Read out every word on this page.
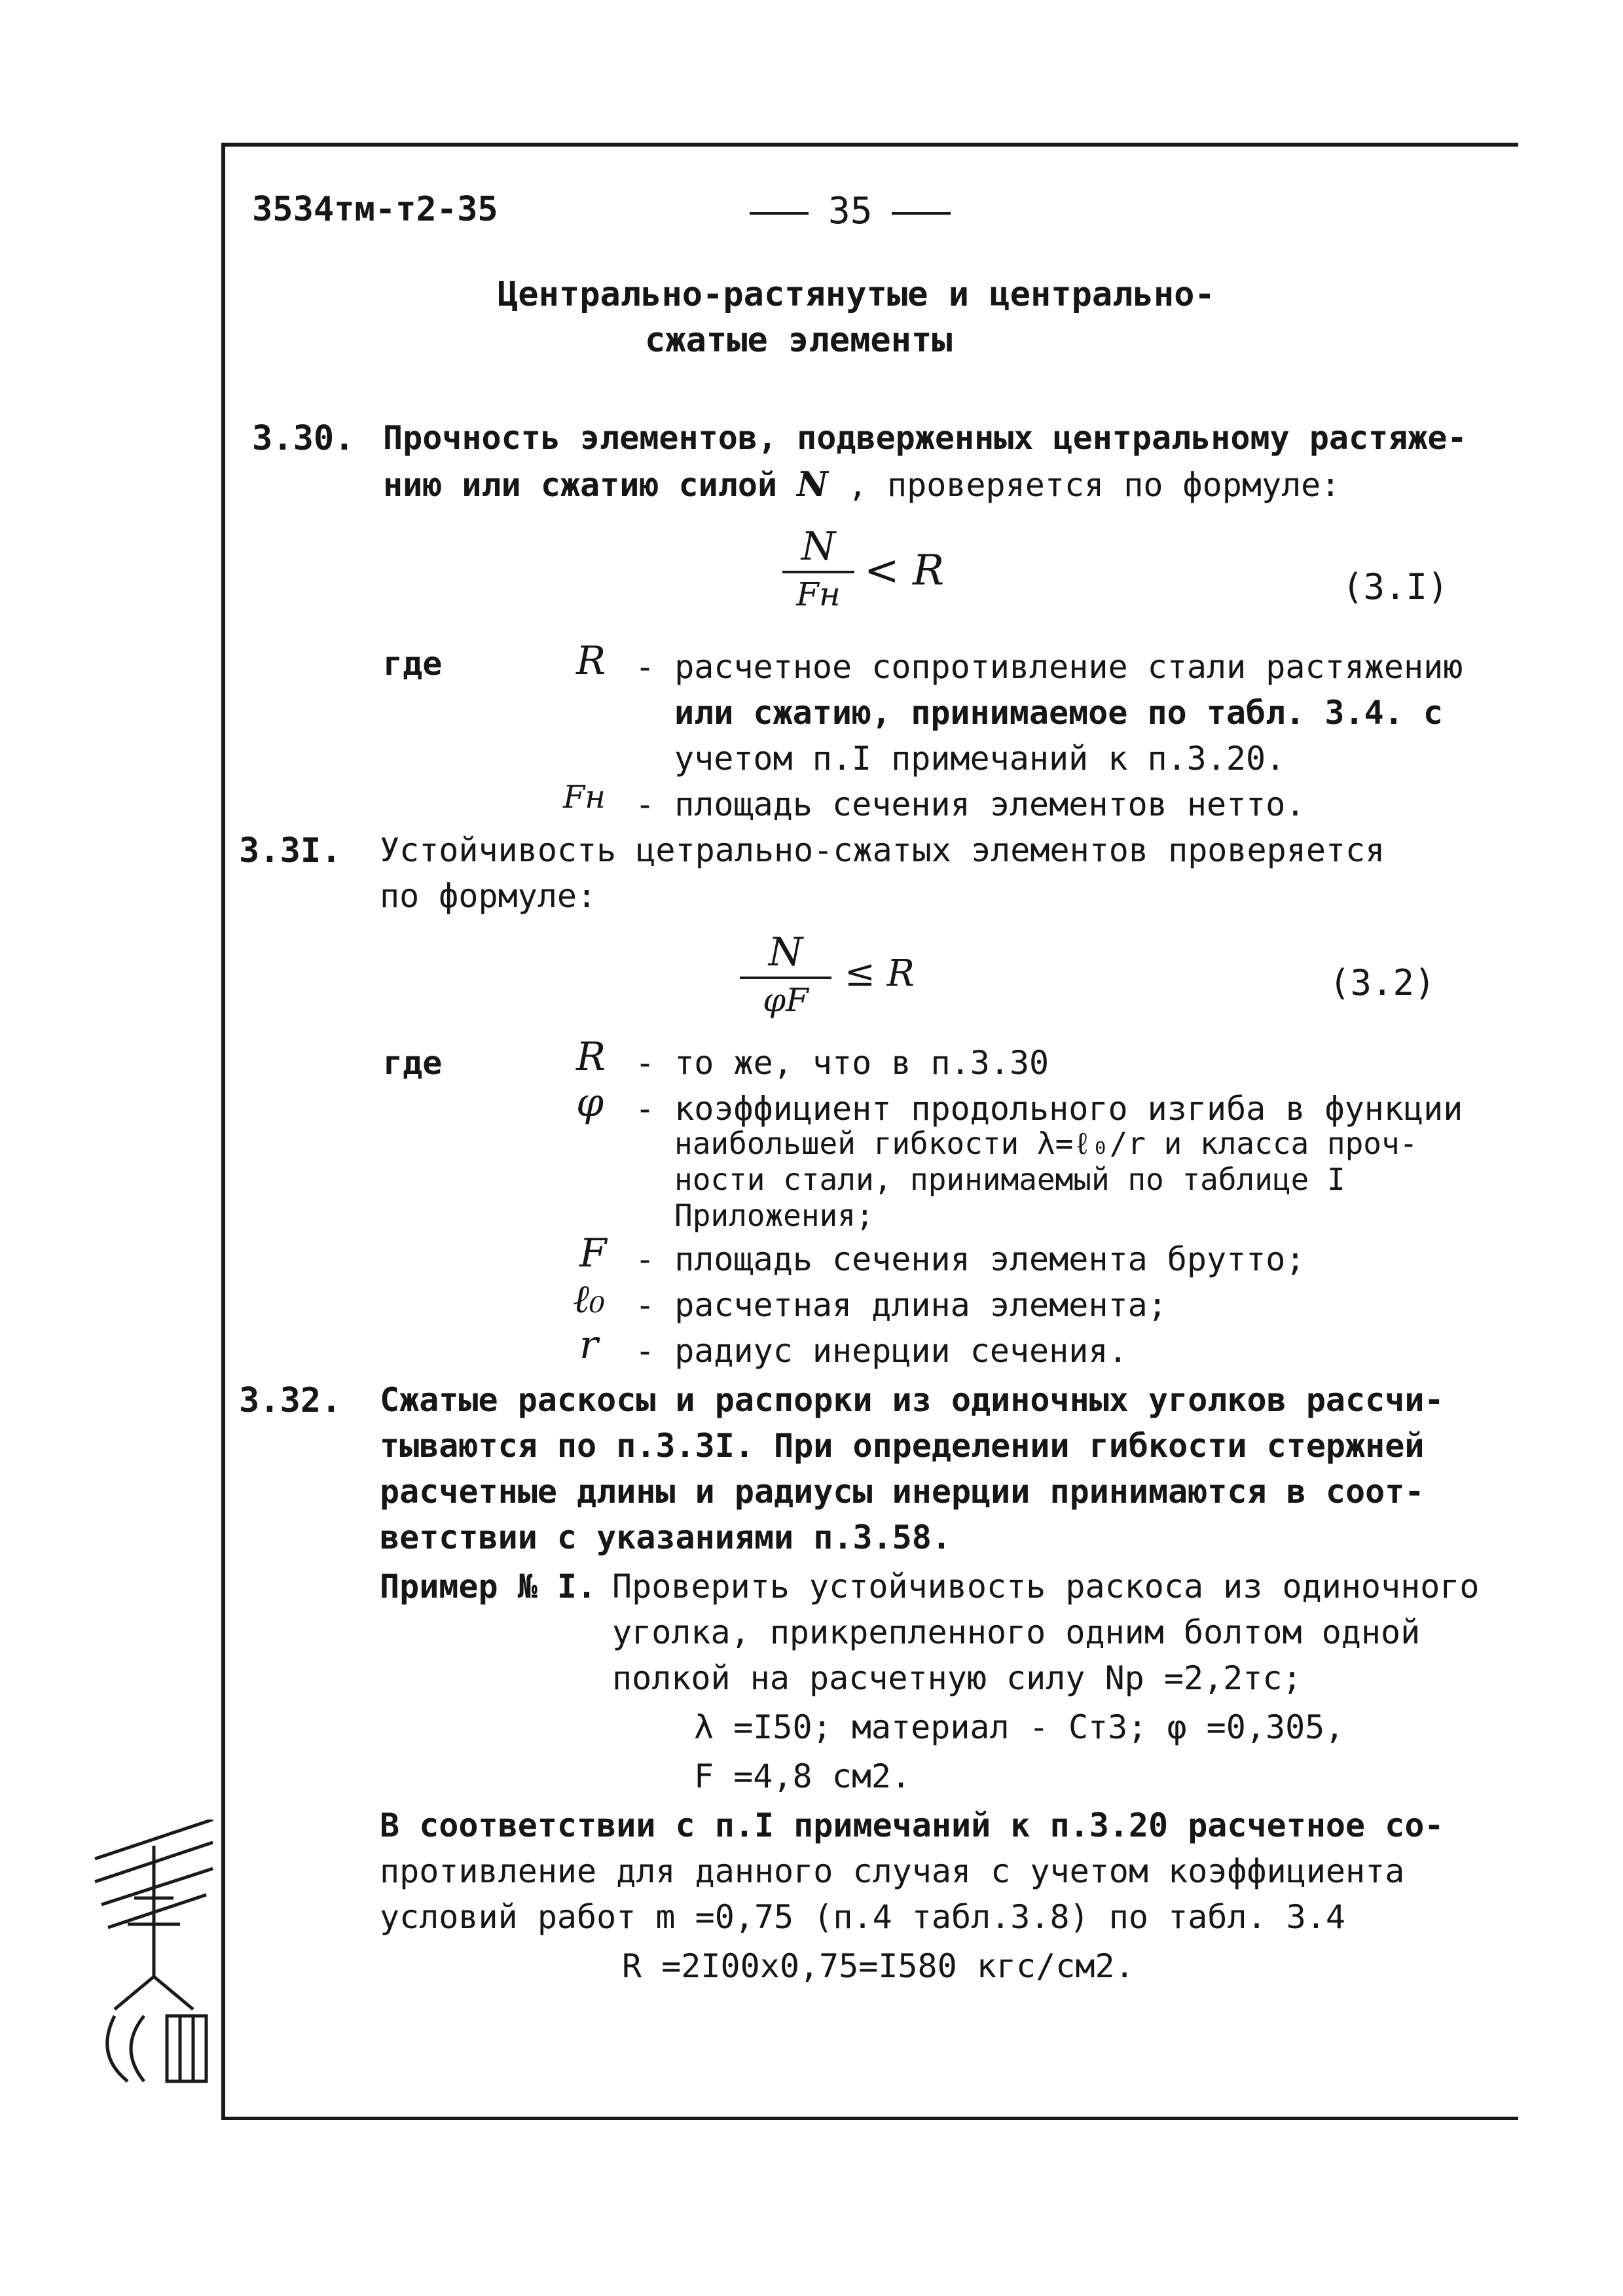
3534тм-т2-35	35
Центрально-растянутые и центрально-
сжатые элементы
3.30. Прочность элементов, подверженных центральному растяже-
нию или сжатию силой N , проверяется по формуле:
N
Fн < R	(3.I)
где	R - расчетное сопротивление стали растяжению
или сжатию, принимаемое по табл. 3.4. с
учетом п.I примечаний к п.3.20.
Fн - площадь сечения элементов нетто.
3.3I. Устойчивость цетрально-сжатых элементов проверяется
по формуле:
N
φF
≤ R	(3.2)
где	R - то же, что в п.3.30
φ - коэффициент продольного изгиба в функции
наибольшей гибкости λ=ℓ₀/r и класса проч-
ности стали, принимаемый по таблице I
Приложения;
F - площадь сечения элемента брутто;
ℓ₀ - расчетная длина элемента;
r - радиус инерции сечения.
3.32. Сжатые раскосы и распорки из одиночных уголков рассчи-
тываются по п.3.3I. При определении гибкости стержней
расчетные длины и радиусы инерции принимаются в соот-
ветствии с указаниями п.3.58.
Пример № I. Проверить устойчивость раскоса из одиночного
уголка, прикрепленного одним болтом одной
полкой на расчетную силу Np =2,2тс;
λ =I50; материал - Ст3; φ =0,305,
F =4,8 см2.
В соответствии с п.I примечаний к п.3.20 расчетное со-
противление для данного случая с учетом коэффициента
условий работ m =0,75 (п.4 табл.3.8) по табл. 3.4
R =2I00x0,75=I580 кгс/см2.
